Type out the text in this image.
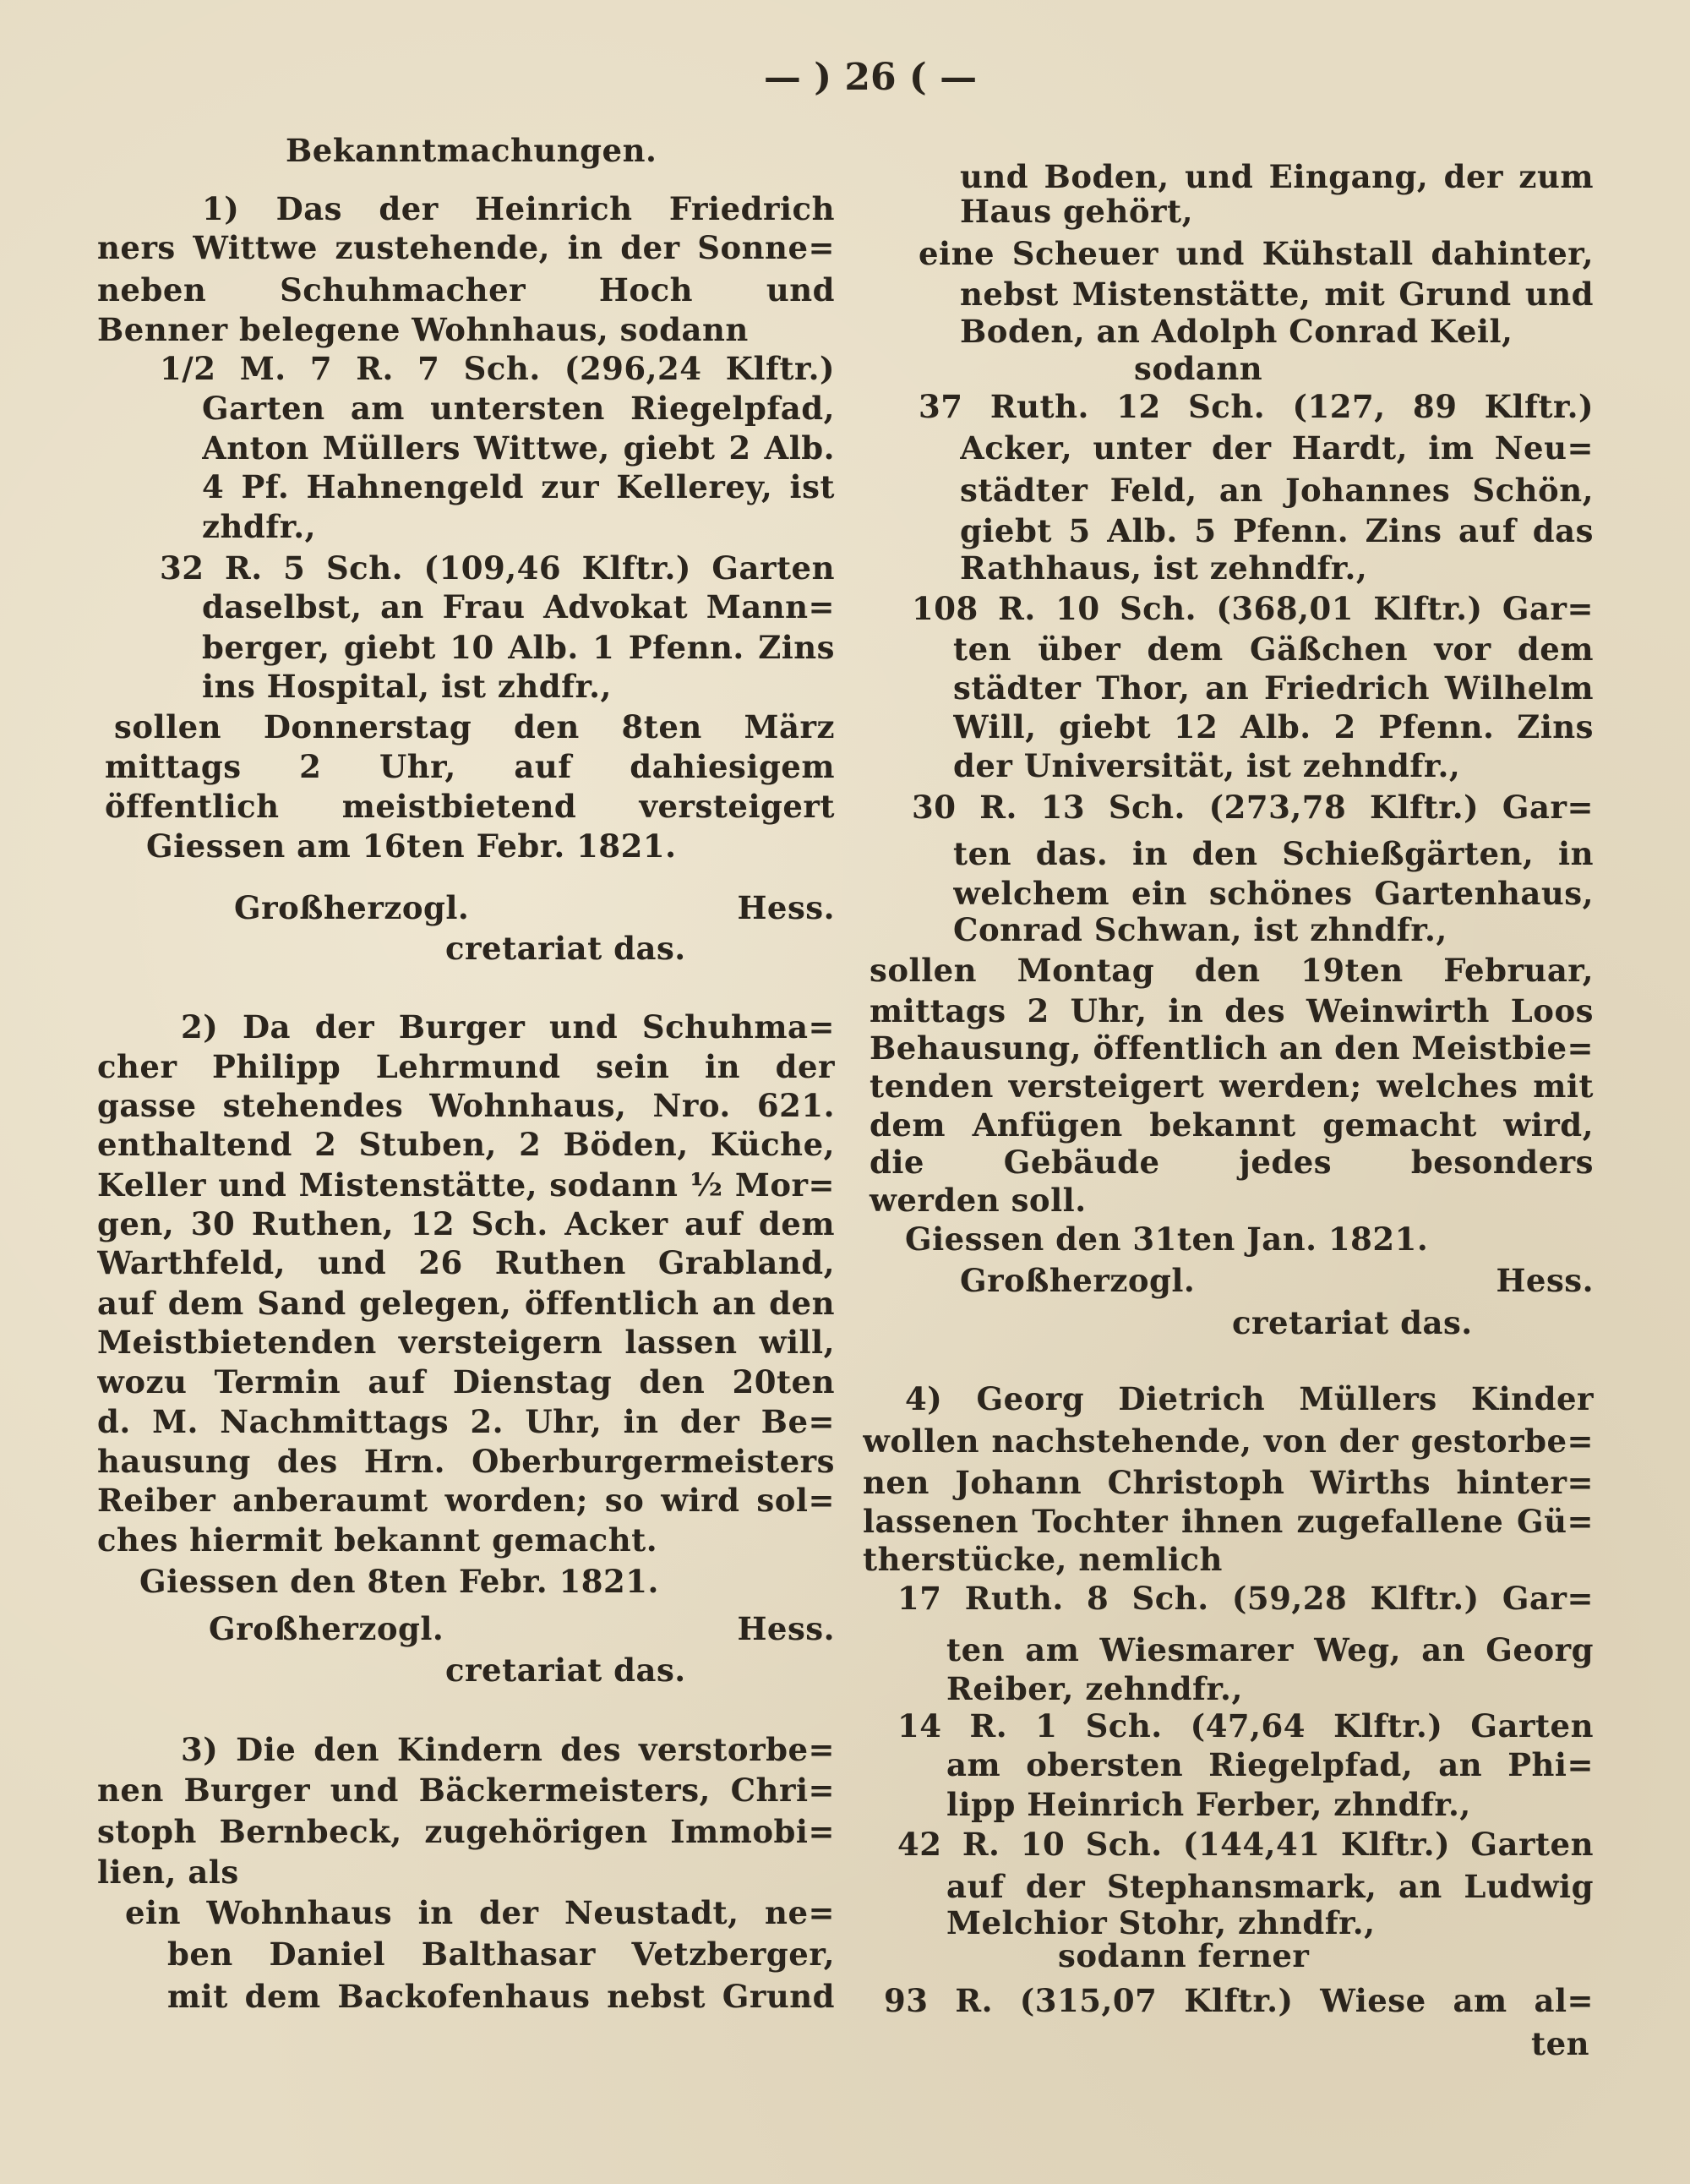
— ) 26 ( —
Bekanntmachungen.
1) Das der Heinrich Friedrich
ners Wittwe zustehende, in der Sonne=
neben Schuhmacher Hoch und
Benner belegene Wohnhaus, sodann
1/2 M. 7 R. 7 Sch. (296,24 Klftr.)
Garten am untersten Riegelpfad,
Anton Müllers Wittwe, giebt 2 Alb.
4 Pf. Hahnengeld zur Kellerey, ist
zhdfr.,
32 R. 5 Sch. (109,46 Klftr.) Garten
daselbst, an Frau Advokat Mann=
berger, giebt 10 Alb. 1 Pfenn. Zins
ins Hospital, ist zhdfr.,
sollen Donnerstag den 8ten März
mittags 2 Uhr, auf dahiesigem
öffentlich meistbietend versteigert
Giessen am 16ten Febr. 1821.
Großherzogl. Hess.
cretariat das.
2) Da der Burger und Schuhma=
cher Philipp Lehrmund sein in der
gasse stehendes Wohnhaus, Nro. 621.
enthaltend 2 Stuben, 2 Böden, Küche,
Keller und Mistenstätte, sodann ½ Mor=
gen, 30 Ruthen, 12 Sch. Acker auf dem
Warthfeld, und 26 Ruthen Grabland,
auf dem Sand gelegen, öffentlich an den
Meistbietenden versteigern lassen will,
wozu Termin auf Dienstag den 20ten
d. M. Nachmittags 2. Uhr, in der Be=
hausung des Hrn. Oberburgermeisters
Reiber anberaumt worden; so wird sol=
ches hiermit bekannt gemacht.
Giessen den 8ten Febr. 1821.
Großherzogl. Hess.
cretariat das.
3) Die den Kindern des verstorbe=
nen Burger und Bäckermeisters, Chri=
stoph Bernbeck, zugehörigen Immobi=
lien, als
ein Wohnhaus in der Neustadt, ne=
ben Daniel Balthasar Vetzberger,
mit dem Backofenhaus nebst Grund
und Boden, und Eingang, der zum
Haus gehört,
eine Scheuer und Kühstall dahinter,
nebst Mistenstätte, mit Grund und
Boden, an Adolph Conrad Keil,
sodann
37 Ruth. 12 Sch. (127, 89 Klftr.)
Acker, unter der Hardt, im Neu=
städter Feld, an Johannes Schön,
giebt 5 Alb. 5 Pfenn. Zins auf das
Rathhaus, ist zehndfr.,
108 R. 10 Sch. (368,01 Klftr.) Gar=
ten über dem Gäßchen vor dem
städter Thor, an Friedrich Wilhelm
Will, giebt 12 Alb. 2 Pfenn. Zins
der Universität, ist zehndfr.,
30 R. 13 Sch. (273,78 Klftr.) Gar=
ten das. in den Schießgärten, in
welchem ein schönes Gartenhaus,
Conrad Schwan, ist zhndfr.,
sollen Montag den 19ten Februar,
mittags 2 Uhr, in des Weinwirth Loos
Behausung, öffentlich an den Meistbie=
tenden versteigert werden; welches mit
dem Anfügen bekannt gemacht wird,
die Gebäude jedes besonders
werden soll.
Giessen den 31ten Jan. 1821.
Großherzogl. Hess.
cretariat das.
4) Georg Dietrich Müllers Kinder
wollen nachstehende, von der gestorbe=
nen Johann Christoph Wirths hinter=
lassenen Tochter ihnen zugefallene Gü=
therstücke, nemlich
17 Ruth. 8 Sch. (59,28 Klftr.) Gar=
ten am Wiesmarer Weg, an Georg
Reiber, zehndfr.,
14 R. 1 Sch. (47,64 Klftr.) Garten
am obersten Riegelpfad, an Phi=
lipp Heinrich Ferber, zhndfr.,
42 R. 10 Sch. (144,41 Klftr.) Garten
auf der Stephansmark, an Ludwig
Melchior Stohr, zhndfr.,
sodann ferner
93 R. (315,07 Klftr.) Wiese am al=
ten
